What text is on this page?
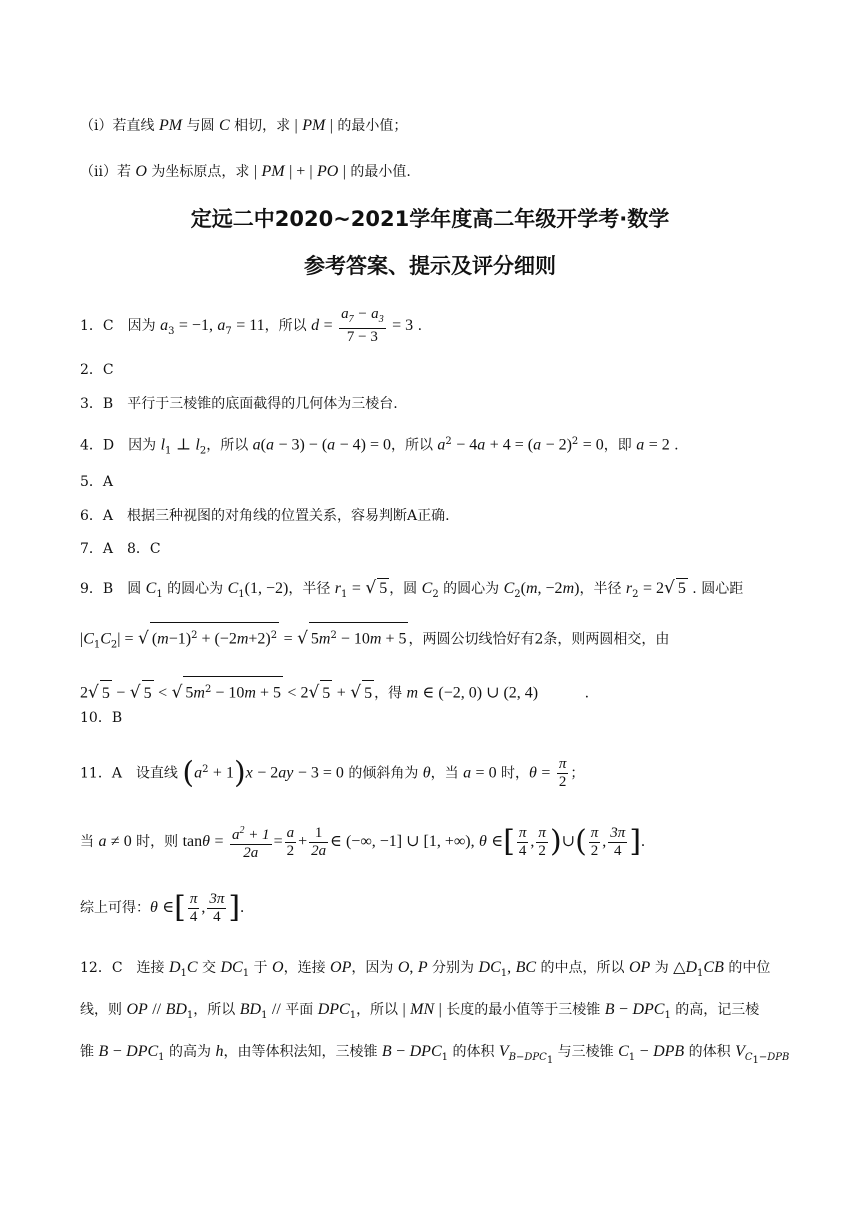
（i）若直线 PM 与圆 C 相切，求 | PM | 的最小值；
（ii）若 O 为坐标原点，求 | PM | + | PO | 的最小值.
定远二中2020~2021学年度高二年级开学考·数学
参考答案、提示及评分细则
1．C　因为 $a_3 = -1$, $a_7 = 11$，所以 $d = \frac{a_7 - a_3}{7 - 3} = 3$ .
2．C
3．B　平行于三棱锥的底面截得的几何体为三棱台.
4．D　因为 $l_1$ ⊥ $l_2$，所以 a(a − 3) − (a − 4) = 0，所以 $a^2 - 4a + 4 = (a - 2)^2 = 0$，即 a = 2 .
5．A
6．A　根据三种视图的对角线的位置关系，容易判断A正确.
7．A　8．C
9．B　圆 $C_1$ 的圆心为 $C_1(1$, −2)，半径 $r_1$ = √ 5 ，圆 $C_2$ 的圆心为 $C_2(m$, −2m)，半径 $r_2 = 2√$ 5 . 圆心距
$|C_1C_2|$ = √ $(m-1)^2 + (-2m+2)^2$ = √ $5m^2 - 10m + 5$ ，两圆公切线恰好有2条，则两圆相交，由
2√ 5 − √ 5 < √ $5m^2 - 10m + 5 < 2√$ 5 + √ 5 ，得 m ∈ (−2, 0) ∪ (2, 4)　　　 .
10．B
11．A　设直线 $(a^2 + 1)x - 2ay - 3 = 0$ 的倾斜角为 θ，当 a = 0 时，$\theta = \frac{\pi}{2}$ ；
当 a ≠ 0 时，则 $\tan\theta = \frac{a^2 + 1}{2a} = \frac{a}{2} + \frac{1}{2a}$ ∈ (−∞, −1] ∪ [1, +∞), θ ∈[ $\frac{\pi}{4}$ , $\frac{\pi}{2}$ )∪( $\frac{\pi}{2}$ , $\frac{3\pi}{4}$ ].
综上可得：θ ∈[ $\frac{\pi}{4}$ , $\frac{3\pi}{4}$ ].
12．C　连接 $D_1C$ 交 $DC_1$ 于 O，连接 OP，因为 O, P 分别为 $DC_1$, BC 的中点，所以 OP 为 $\triangle D_1CB$ 的中位
线，则 OP // $BD_1$，所以 $BD_1$ // 平面 $DPC_1$，所以 | MN | 长度的最小值等于三棱锥 $B - DPC_1$ 的高，记三棱
锥 $B - DPC_1$ 的高为 h，由等体积法知，三棱锥 $B - DPC_1$ 的体积 $V_{B-DPC_1}$ 与三棱锥 $C_1$ − DPB 的体积 $V_{C_1-DPB}$
